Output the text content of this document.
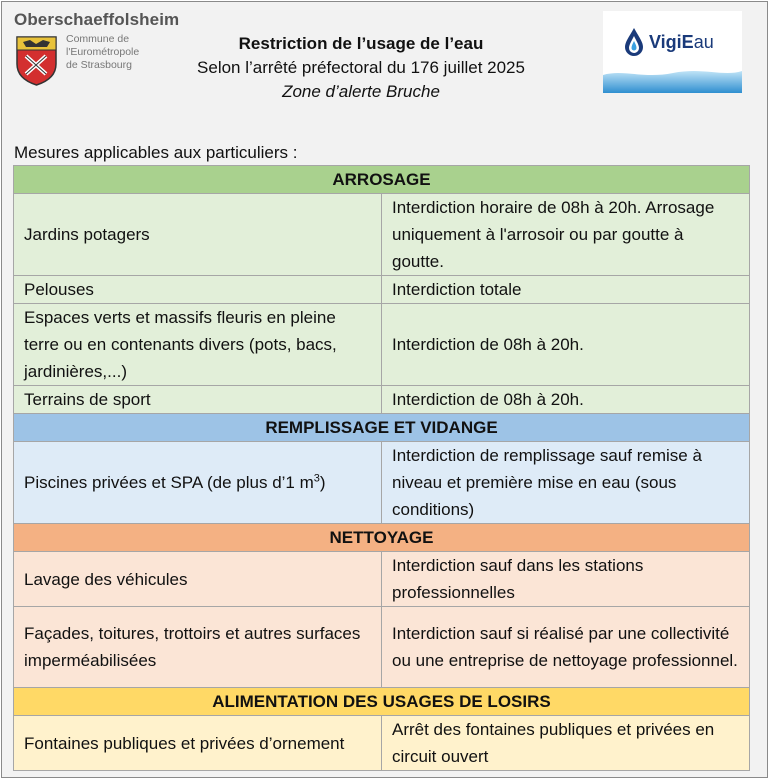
Oberschaeffolsheim
Commune de
l'Eurométropole
de Strasbourg
Restriction de l’usage de l’eau
Selon l’arrêté préfectoral du 176 juillet 2025
Zone d’alerte Bruche
VigiEau
Mesures applicables aux particuliers :
ARROSAGE	
Jardins potagers	Interdiction horaire de 08h à 20h. Arrosage uniquement à l'arrosoir ou par goutte à goutte.
Pelouses	Interdiction totale
Espaces verts et massifs fleuris en pleine terre ou en contenants divers (pots, bacs, jardinières,...)	Interdiction de 08h à 20h.
Terrains de sport	Interdiction de 08h à 20h.
REMPLISSAGE ET VIDANGE	
Piscines privées et SPA (de plus d’1 $m^3$)	Interdiction de remplissage sauf remise à niveau et première mise en eau (sous conditions)
NETTOYAGE	
Lavage des véhicules	Interdiction sauf dans les stations professionnelles
Façades, toitures, trottoirs et autres surfaces imperméabilisées	Interdiction sauf si réalisé par une collectivité ou une entreprise de nettoyage professionnel.
ALIMENTATION DES USAGES DE LOSIRS	
Fontaines publiques et privées d’ornement	Arrêt des fontaines publiques et privées en circuit ouvert
